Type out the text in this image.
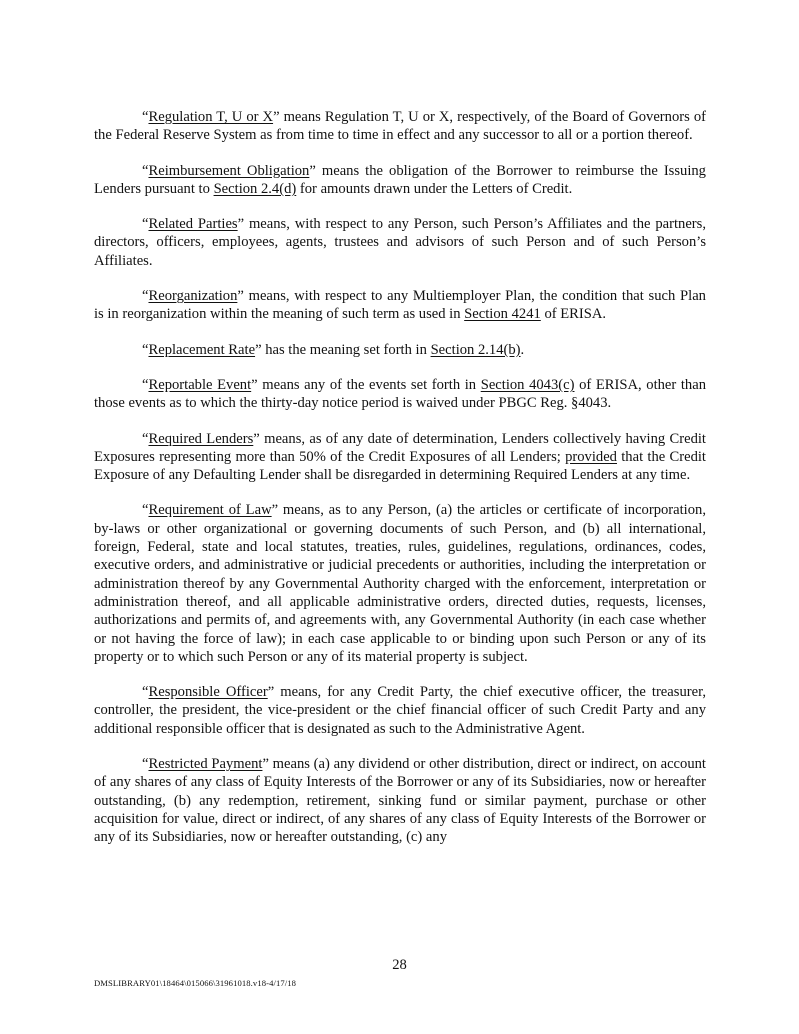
“Regulation T, U or X” means Regulation T, U or X, respectively, of the Board of Governors of the Federal Reserve System as from time to time in effect and any successor to all or a portion thereof.

“Reimbursement Obligation” means the obligation of the Borrower to reimburse the Issuing Lenders pursuant to Section 2.4(d) for amounts drawn under the Letters of Credit.

“Related Parties” means, with respect to any Person, such Person’s Affiliates and the partners, directors, officers, employees, agents, trustees and advisors of such Person and of such Person’s Affiliates.

“Reorganization” means, with respect to any Multiemployer Plan, the condition that such Plan is in reorganization within the meaning of such term as used in Section 4241 of ERISA.

“Replacement Rate” has the meaning set forth in Section 2.14(b).

“Reportable Event” means any of the events set forth in Section 4043(c) of ERISA, other than those events as to which the thirty-day notice period is waived under PBGC Reg. §4043.

“Required Lenders” means, as of any date of determination, Lenders collectively having Credit Exposures representing more than 50% of the Credit Exposures of all Lenders; provided that the Credit Exposure of any Defaulting Lender shall be disregarded in determining Required Lenders at any time.

“Requirement of Law” means, as to any Person, (a) the articles or certificate of incorporation, by-laws or other organizational or governing documents of such Person, and (b) all international, foreign, Federal, state and local statutes, treaties, rules, guidelines, regulations, ordinances, codes, executive orders, and administrative or judicial precedents or authorities, including the interpretation or administration thereof by any Governmental Authority charged with the enforcement, interpretation or administration thereof, and all applicable administrative orders, directed duties, requests, licenses, authorizations and permits of, and agreements with, any Governmental Authority (in each case whether or not having the force of law); in each case applicable to or binding upon such Person or any of its property or to which such Person or any of its material property is subject.

“Responsible Officer” means, for any Credit Party, the chief executive officer, the treasurer, controller, the president, the vice-president or the chief financial officer of such Credit Party and any additional responsible officer that is designated as such to the Administrative Agent.

“Restricted Payment” means (a) any dividend or other distribution, direct or indirect, on account of any shares of any class of Equity Interests of the Borrower or any of its Subsidiaries, now or hereafter outstanding, (b) any redemption, retirement, sinking fund or similar payment, purchase or other acquisition for value, direct or indirect, of any shares of any class of Equity Interests of the Borrower or any of its Subsidiaries, now or hereafter outstanding, (c) any

28
DMSLIBRARY01\18464\015066\31961018.v18-4/17/18
